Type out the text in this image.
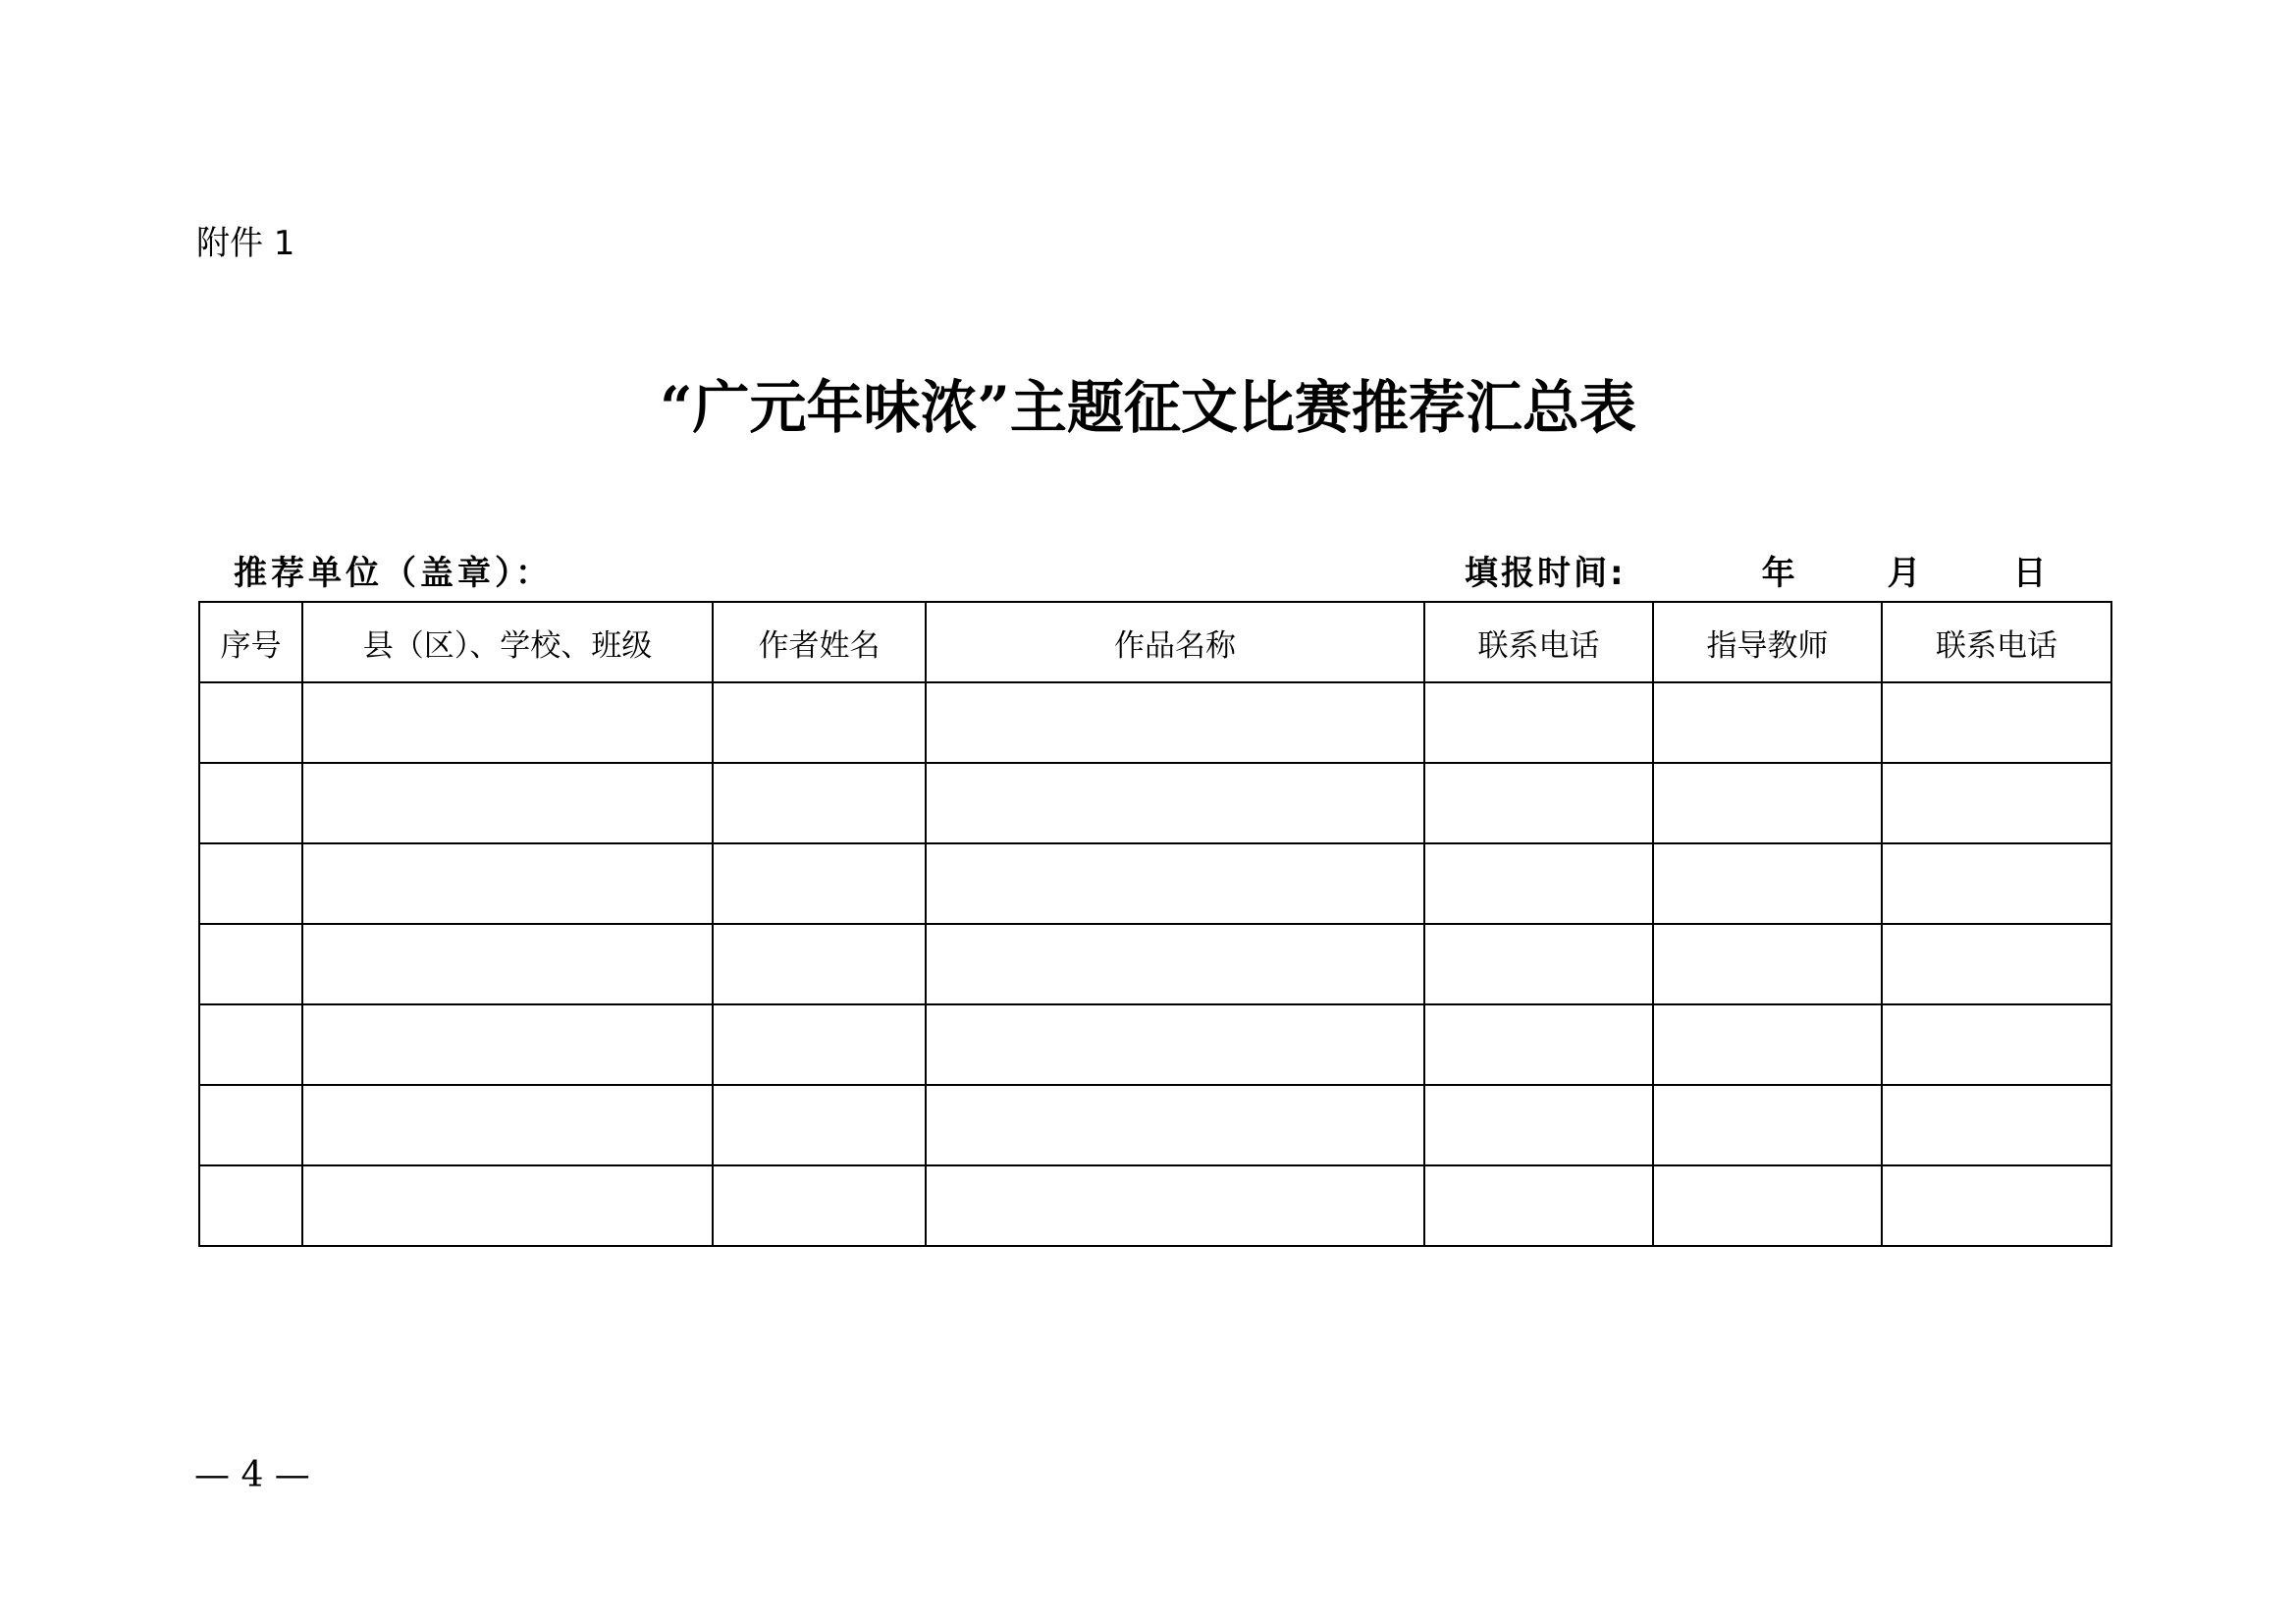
附件 1
“广元年味浓”主题征文比赛推荐汇总表
推荐单位（盖章）：	填报时间:	年	月	日
序号	县（区）、学校、班级	作者姓名	作品名称	联系电话	指导教师	联系电话

— 4 —
